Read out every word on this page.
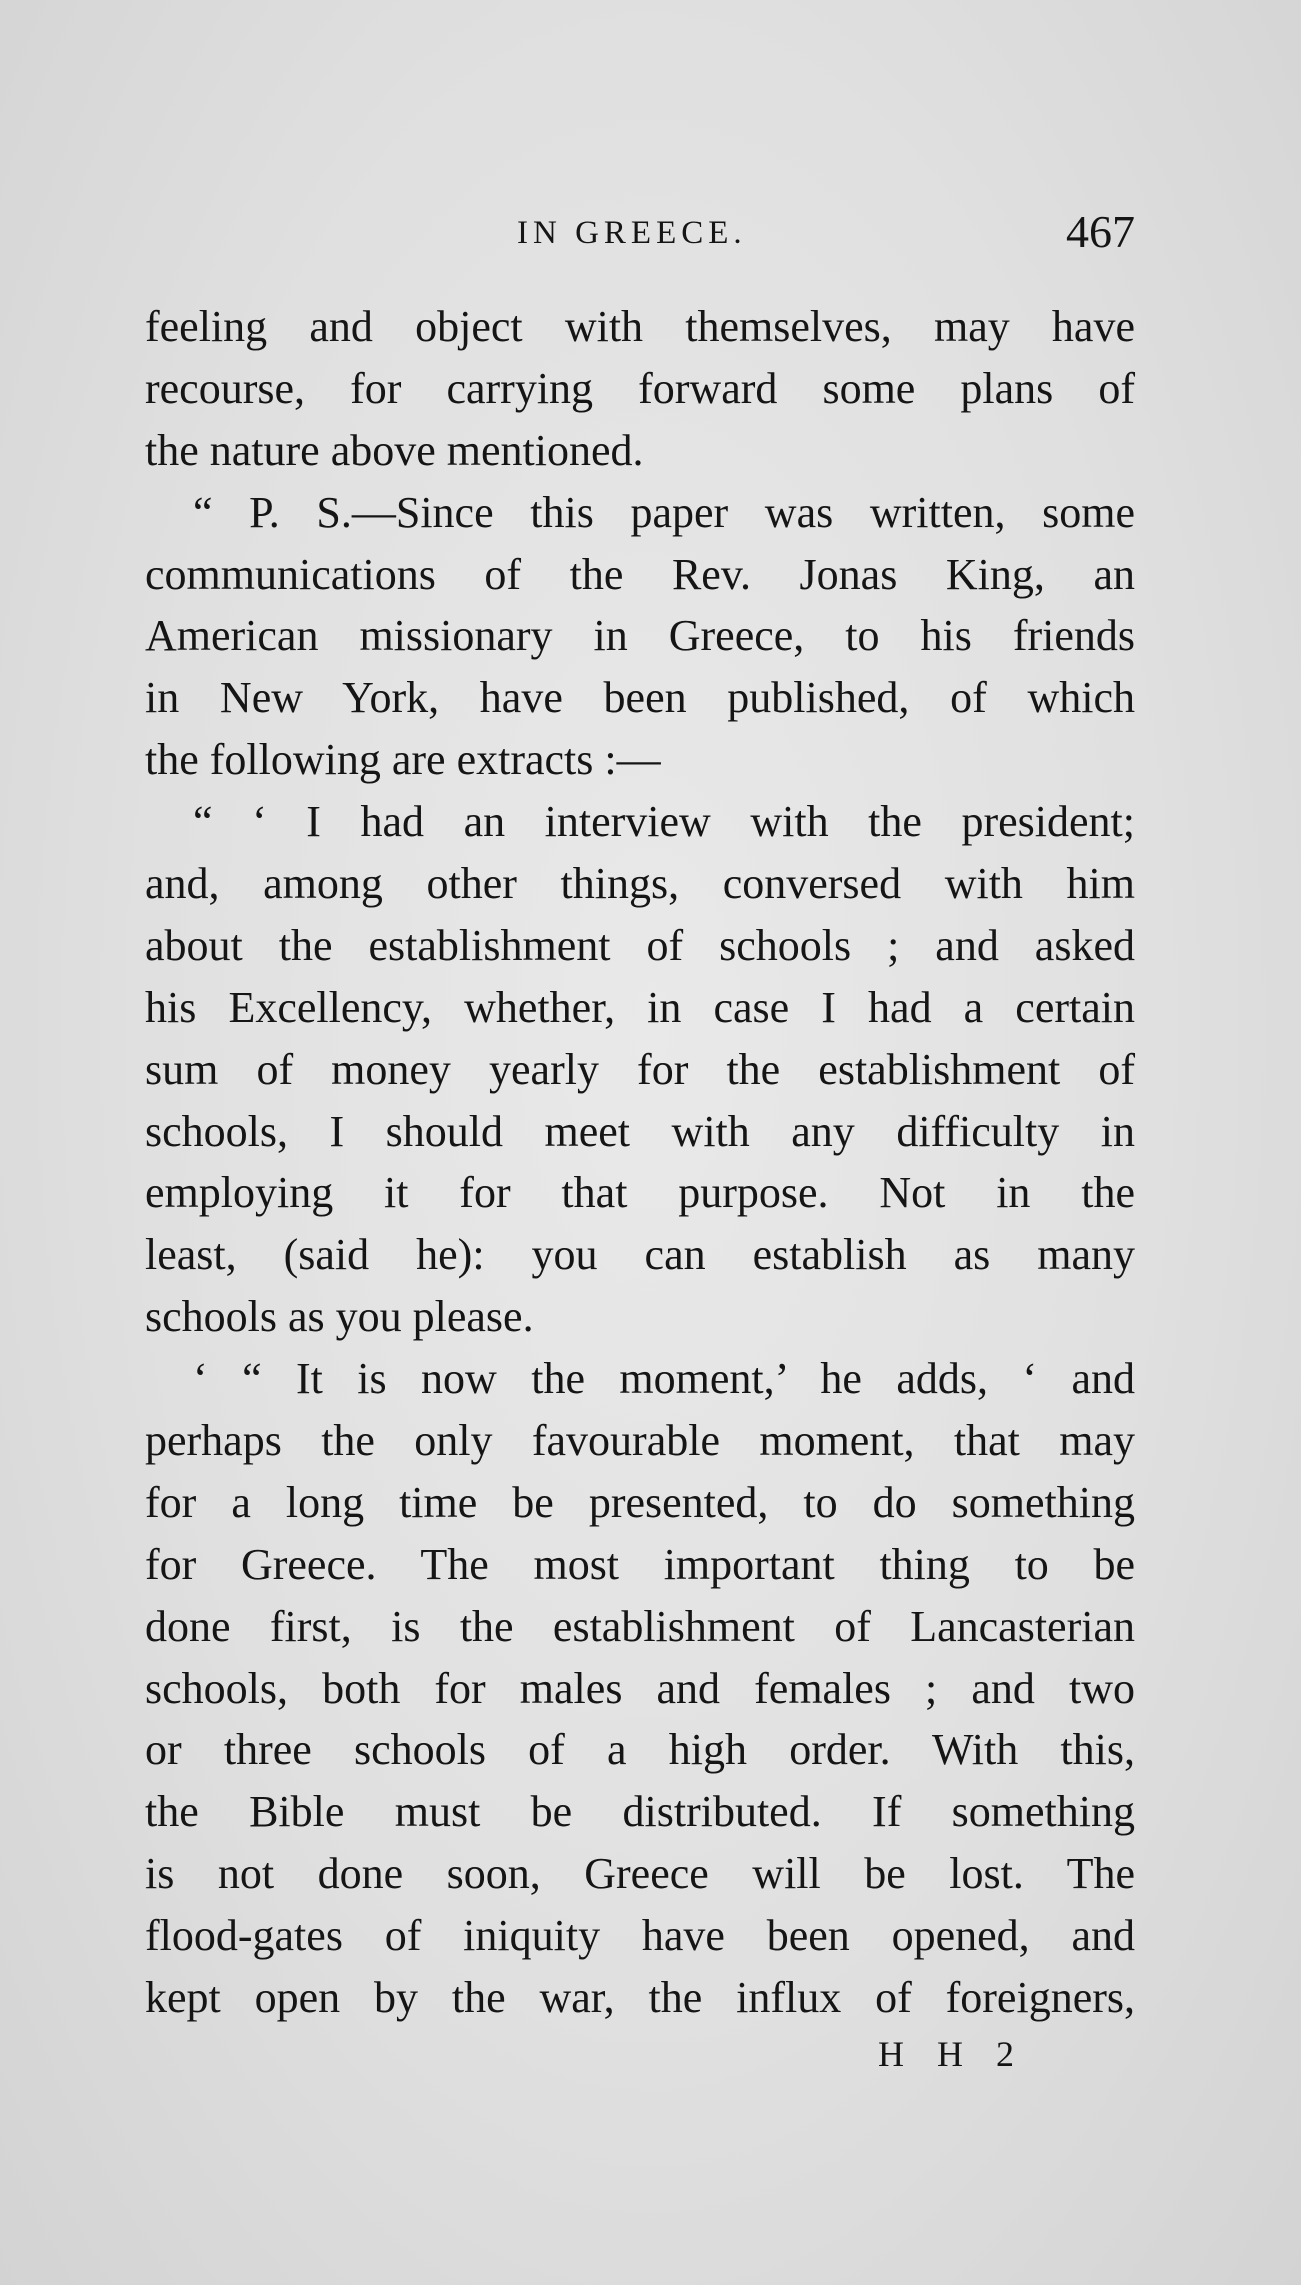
IN GREECE.	467
feeling and object with themselves, may have
recourse, for carrying forward some plans of
the nature above mentioned.
“ P. S.—Since this paper was written, some
communications of the Rev. Jonas King, an
American missionary in Greece, to his friends
in New York, have been published, of which
the following are extracts :—
“ ‘ I had an interview with the president;
and, among other things, conversed with him
about the establishment of schools ; and asked
his Excellency, whether, in case I had a certain
sum of money yearly for the establishment of
schools, I should meet with any difficulty in
employing it for that purpose. Not in the
least, (said he): you can establish as many
schools as you please.
‘ “ It is now the moment,’ he adds, ‘ and
perhaps the only favourable moment, that may
for a long time be presented, to do something
for Greece. The most important thing to be
done first, is the establishment of Lancasterian
schools, both for males and females ; and two
or three schools of a high order. With this,
the Bible must be distributed. If something
is not done soon, Greece will be lost. The
flood-gates of iniquity have been opened, and
kept open by the war, the influx of foreigners,
H H 2
